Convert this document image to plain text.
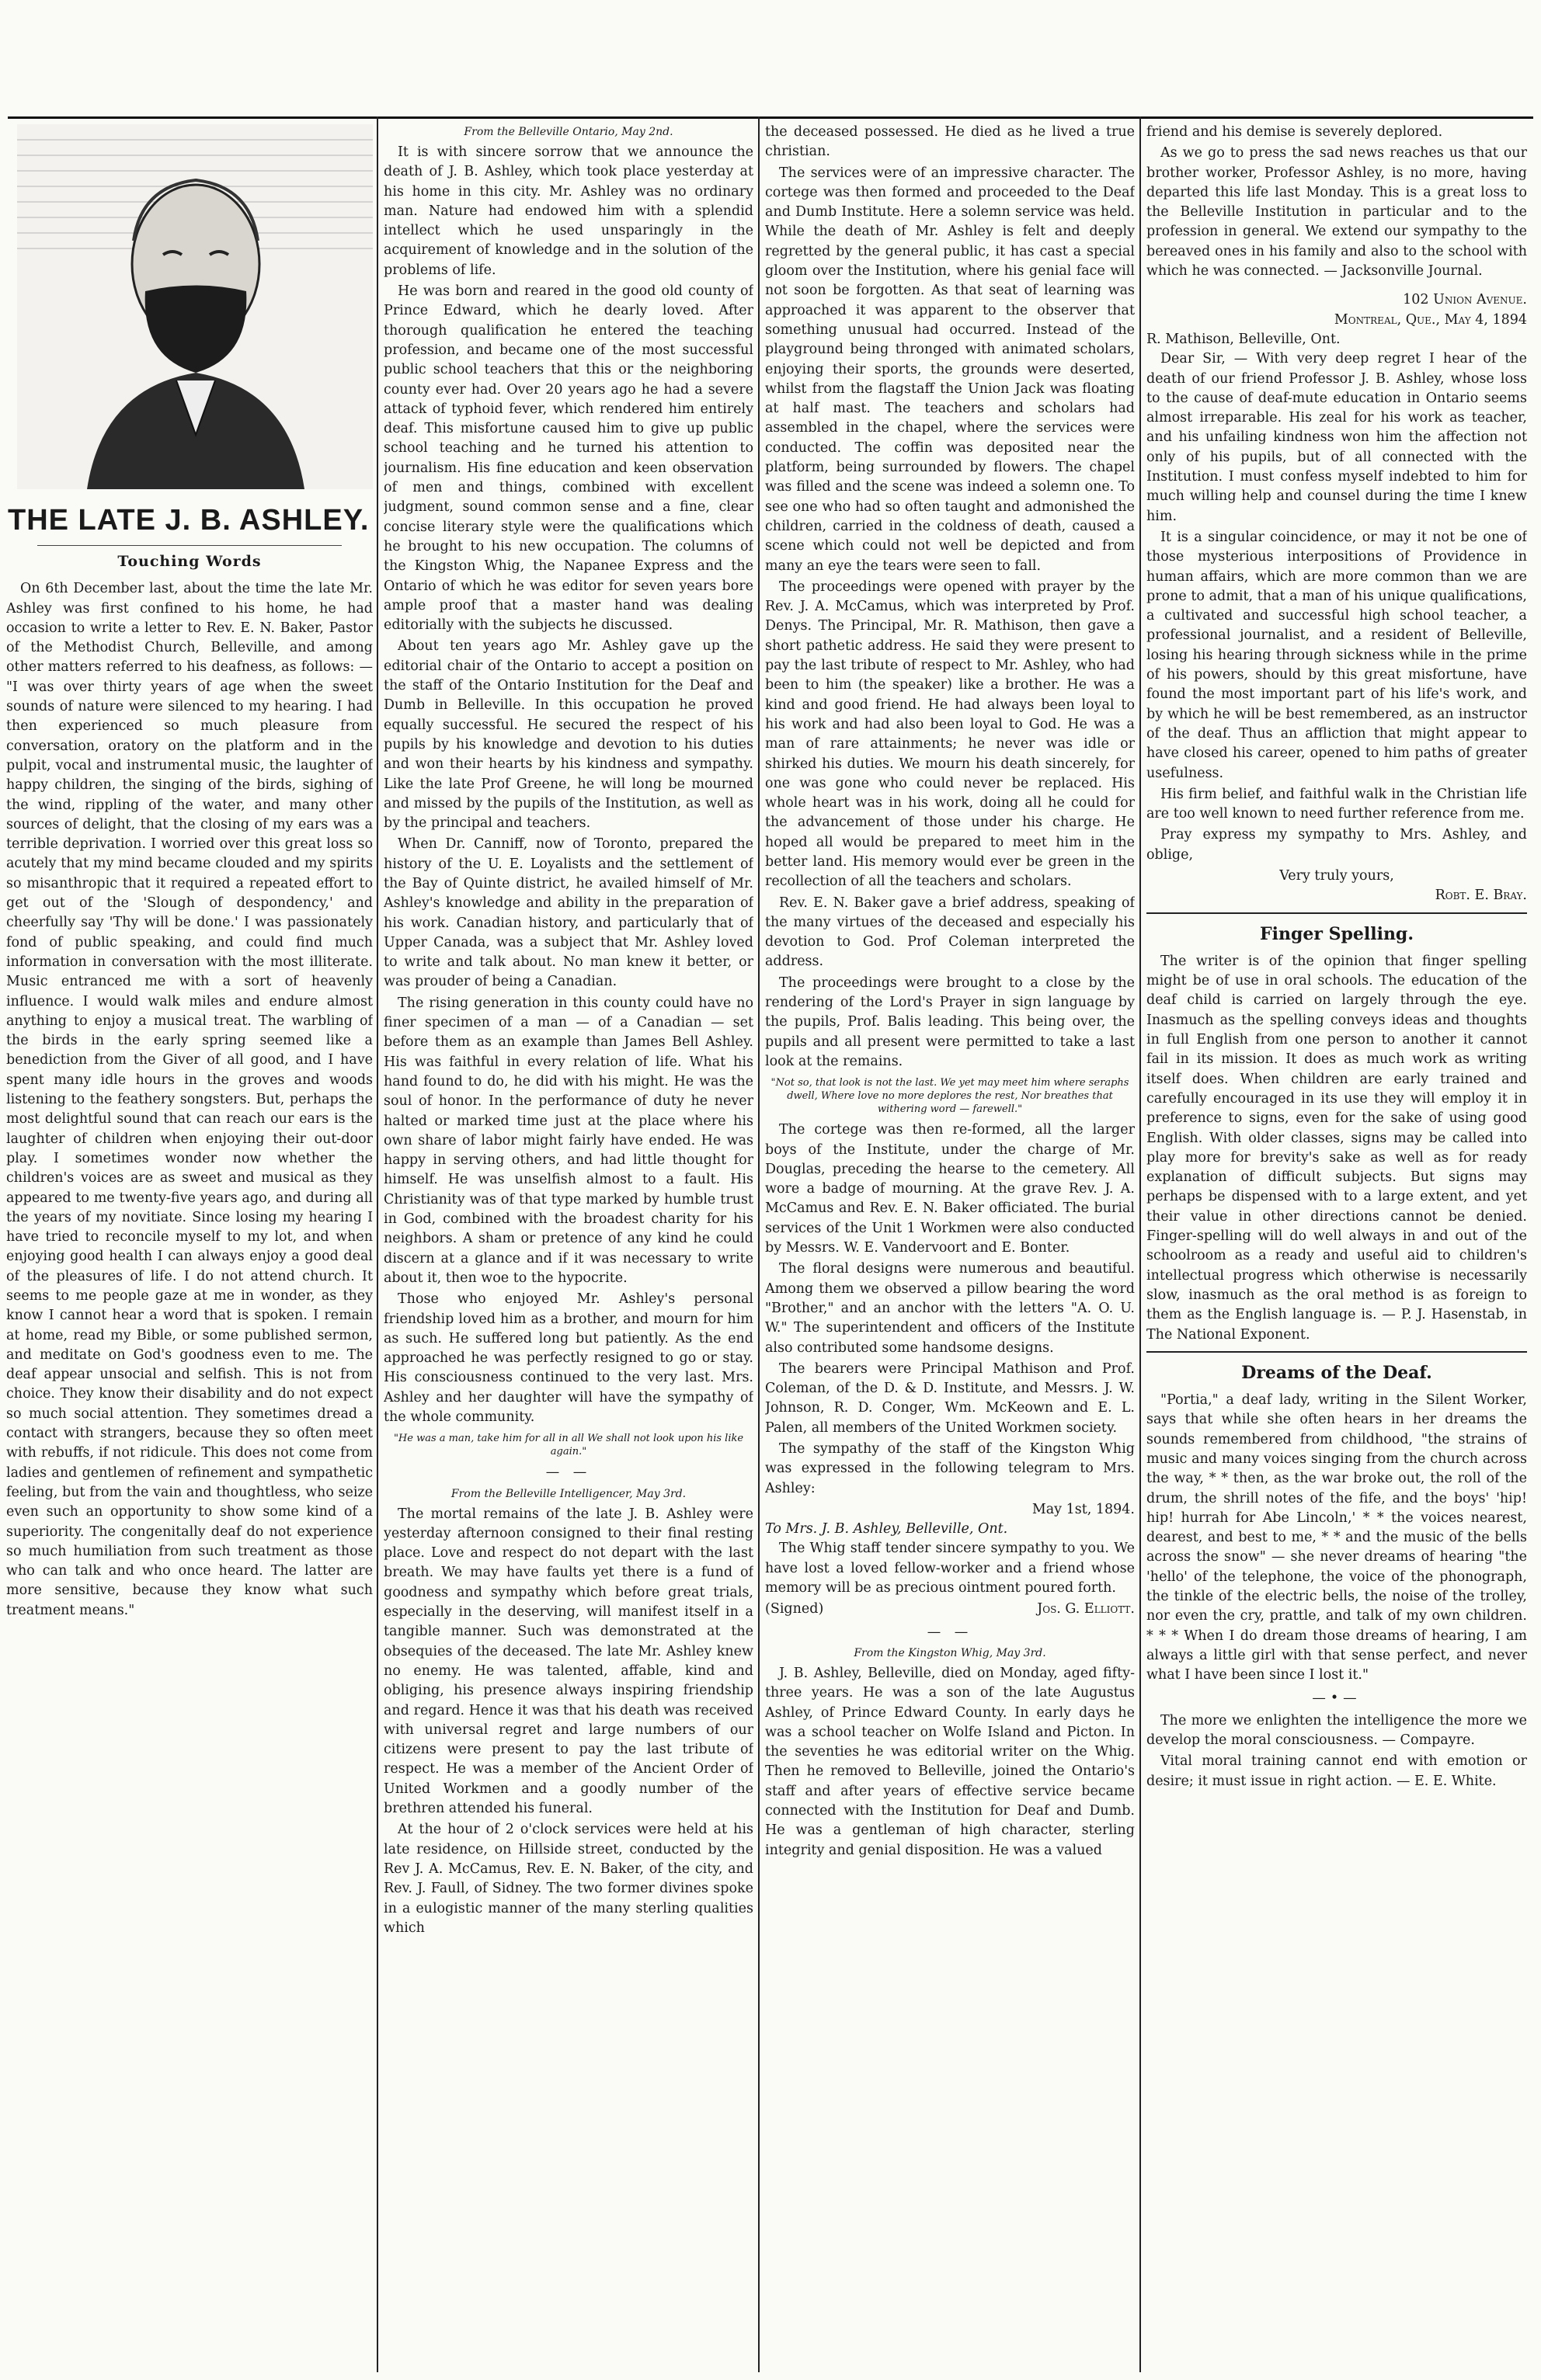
THE LATE J. B. ASHLEY.
Touching Words

On 6th December last, about the time the late Mr. Ashley was first confined to his home, he had occasion to write a letter to Rev. E. N. Baker, Pastor of the Methodist Church, Belleville, and among other matters referred to his deafness, as follows: — "I was over thirty years of age when the sweet sounds of nature were silenced to my hearing. I had then experienced so much pleasure from conversation, oratory on the platform and in the pulpit, vocal and instrumental music, the laughter of happy children, the singing of the birds, sighing of the wind, rippling of the water, and many other sources of delight, that the closing of my ears was a terrible deprivation. I worried over this great loss so acutely that my mind became clouded and my spirits so misanthropic that it required a repeated effort to get out of the 'Slough of despondency,' and cheerfully say 'Thy will be done.' I was passionately fond of public speaking, and could find much information in conversation with the most illiterate. Music entranced me with a sort of heavenly influence. I would walk miles and endure almost anything to enjoy a musical treat. The warbling of the birds in the early spring seemed like a benediction from the Giver of all good, and I have spent many idle hours in the groves and woods listening to the feathery songsters. But, perhaps the most delightful sound that can reach our ears is the laughter of children when enjoying their out-door play. I sometimes wonder now whether the children's voices are as sweet and musical as they appeared to me twenty-five years ago, and during all the years of my novitiate. Since losing my hearing I have tried to reconcile myself to my lot, and when enjoying good health I can always enjoy a good deal of the pleasures of life. I do not attend church. It seems to me people gaze at me in wonder, as they know I cannot hear a word that is spoken. I remain at home, read my Bible, or some published sermon, and meditate on God's goodness even to me. The deaf appear unsocial and selfish. This is not from choice. They know their disability and do not expect so much social attention. They sometimes dread a contact with strangers, because they so often meet with rebuffs, if not ridicule. This does not come from ladies and gentlemen of refinement and sympathetic feeling, but from the vain and thoughtless, who seize even such an opportunity to show some kind of a superiority. The congenitally deaf do not experience so much humiliation from such treatment as those who can talk and who once heard. The latter are more sensitive, because they know what such treatment means."

From the Belleville Ontario, May 2nd.

It is with sincere sorrow that we announce the death of J. B. Ashley, which took place yesterday at his home in this city. Mr. Ashley was no ordinary man. Nature had endowed him with a splendid intellect which he used unsparingly in the acquirement of knowledge and in the solution of the problems of life.

He was born and reared in the good old county of Prince Edward, which he dearly loved. After thorough qualification he entered the teaching profession, and became one of the most successful public school teachers that this or the neighboring county ever had. Over 20 years ago he had a severe attack of typhoid fever, which rendered him entirely deaf. This misfortune caused him to give up public school teaching and he turned his attention to journalism. His fine education and keen observation of men and things, combined with excellent judgment, sound common sense and a fine, clear concise literary style were the qualifications which he brought to his new occupation. The columns of the Kingston Whig, the Napanee Express and the Ontario of which he was editor for seven years bore ample proof that a master hand was dealing editorially with the subjects he discussed.

About ten years ago Mr. Ashley gave up the editorial chair of the Ontario to accept a position on the staff of the Ontario Institution for the Deaf and Dumb in Belleville. In this occupation he proved equally successful. He secured the respect of his pupils by his knowledge and devotion to his duties and won their hearts by his kindness and sympathy. Like the late Prof Greene, he will long be mourned and missed by the pupils of the Institution, as well as by the principal and teachers.

When Dr. Canniff, now of Toronto, prepared the history of the U. E. Loyalists and the settlement of the Bay of Quinte district, he availed himself of Mr. Ashley's knowledge and ability in the preparation of his work. Canadian history, and particularly that of Upper Canada, was a subject that Mr. Ashley loved to write and talk about. No man knew it better, or was prouder of being a Canadian.

The rising generation in this county could have no finer specimen of a man — of a Canadian — set before them as an example than James Bell Ashley. His was faithful in every relation of life. What his hand found to do, he did with his might. He was the soul of honor. In the performance of duty he never halted or marked time just at the place where his own share of labor might fairly have ended. He was happy in serving others, and had little thought for himself. He was unselfish almost to a fault. His Christianity was of that type marked by humble trust in God, combined with the broadest charity for his neighbors. A sham or pretence of any kind he could discern at a glance and if it was necessary to write about it, then woe to the hypocrite.

Those who enjoyed Mr. Ashley's personal friendship loved him as a brother, and mourn for him as such. He suffered long but patiently. As the end approached he was perfectly resigned to go or stay. His consciousness continued to the very last. Mrs. Ashley and her daughter will have the sympathy of the whole community.

"He was a man, take him for all in all We shall not look upon his like again."
— —
From the Belleville Intelligencer, May 3rd.

The mortal remains of the late J. B. Ashley were yesterday afternoon consigned to their final resting place. Love and respect do not depart with the last breath. We may have faults yet there is a fund of goodness and sympathy which before great trials, especially in the deserving, will manifest itself in a tangible manner. Such was demonstrated at the obsequies of the deceased. The late Mr. Ashley knew no enemy. He was talented, affable, kind and obliging, his presence always inspiring friendship and regard. Hence it was that his death was received with universal regret and large numbers of our citizens were present to pay the last tribute of respect. He was a member of the Ancient Order of United Workmen and a goodly number of the brethren attended his funeral.

At the hour of 2 o'clock services were held at his late residence, on Hillside street, conducted by the Rev J. A. McCamus, Rev. E. N. Baker, of the city, and Rev. J. Faull, of Sidney. The two former divines spoke in a eulogistic manner of the many sterling qualities which

the deceased possessed. He died as he lived a true christian.

The services were of an impressive character. The cortege was then formed and proceeded to the Deaf and Dumb Institute. Here a solemn service was held. While the death of Mr. Ashley is felt and deeply regretted by the general public, it has cast a special gloom over the Institution, where his genial face will not soon be forgotten. As that seat of learning was approached it was apparent to the observer that something unusual had occurred. Instead of the playground being thronged with animated scholars, enjoying their sports, the grounds were deserted, whilst from the flagstaff the Union Jack was floating at half mast. The teachers and scholars had assembled in the chapel, where the services were conducted. The coffin was deposited near the platform, being surrounded by flowers. The chapel was filled and the scene was indeed a solemn one. To see one who had so often taught and admonished the children, carried in the coldness of death, caused a scene which could not well be depicted and from many an eye the tears were seen to fall.

The proceedings were opened with prayer by the Rev. J. A. McCamus, which was interpreted by Prof. Denys. The Principal, Mr. R. Mathison, then gave a short pathetic address. He said they were present to pay the last tribute of respect to Mr. Ashley, who had been to him (the speaker) like a brother. He was a kind and good friend. He had always been loyal to his work and had also been loyal to God. He was a man of rare attainments; he never was idle or shirked his duties. We mourn his death sincerely, for one was gone who could never be replaced. His whole heart was in his work, doing all he could for the advancement of those under his charge. He hoped all would be prepared to meet him in the better land. His memory would ever be green in the recollection of all the teachers and scholars.

Rev. E. N. Baker gave a brief address, speaking of the many virtues of the deceased and especially his devotion to God. Prof Coleman interpreted the address.

The proceedings were brought to a close by the rendering of the Lord's Prayer in sign language by the pupils, Prof. Balis leading. This being over, the pupils and all present were permitted to take a last look at the remains.

"Not so, that look is not the last. We yet may meet him where seraphs dwell, Where love no more deplores the rest, Nor breathes that withering word — farewell."

The cortege was then re-formed, all the larger boys of the Institute, under the charge of Mr. Douglas, preceding the hearse to the cemetery. All wore a badge of mourning. At the grave Rev. J. A. McCamus and Rev. E. N. Baker officiated. The burial services of the Unit 1 Workmen were also conducted by Messrs. W. E. Vandervoort and E. Bonter.

The floral designs were numerous and beautiful. Among them we observed a pillow bearing the word "Brother," and an anchor with the letters "A. O. U. W." The superintendent and officers of the Institute also contributed some handsome designs.

The bearers were Principal Mathison and Prof. Coleman, of the D. & D. Institute, and Messrs. J. W. Johnson, R. D. Conger, Wm. McKeown and E. L. Palen, all members of the United Workmen society.

The sympathy of the staff of the Kingston Whig was expressed in the following telegram to Mrs. Ashley:

May 1st, 1894.
To Mrs. J. B. Ashley, Belleville, Ont.

The Whig staff tender sincere sympathy to you. We have lost a loved fellow-worker and a friend whose memory will be as precious ointment poured forth.

(Signed)	Jos. G. Elliott.
— —
From the Kingston Whig, May 3rd.

J. B. Ashley, Belleville, died on Monday, aged fifty-three years. He was a son of the late Augustus Ashley, of Prince Edward County. In early days he was a school teacher on Wolfe Island and Picton. In the seventies he was editorial writer on the Whig. Then he removed to Belleville, joined the Ontario's staff and after years of effective service became connected with the Institution for Deaf and Dumb. He was a gentleman of high character, sterling integrity and genial disposition. He was a valued

friend and his demise is severely deplored.

As we go to press the sad news reaches us that our brother worker, Professor Ashley, is no more, having departed this life last Monday. This is a great loss to the Belleville Institution in particular and to the profession in general. We extend our sympathy to the bereaved ones in his family and also to the school with which he was connected. — Jacksonville Journal.

102 Union Avenue.
Montreal, Que., May 4, 1894
R. Mathison, Belleville, Ont.

Dear Sir, — With very deep regret I hear of the death of our friend Professor J. B. Ashley, whose loss to the cause of deaf-mute education in Ontario seems almost irreparable. His zeal for his work as teacher, and his unfailing kindness won him the affection not only of his pupils, but of all connected with the Institution. I must confess myself indebted to him for much willing help and counsel during the time I knew him.

It is a singular coincidence, or may it not be one of those mysterious interpositions of Providence in human affairs, which are more common than we are prone to admit, that a man of his unique qualifications, a cultivated and successful high school teacher, a professional journalist, and a resident of Belleville, losing his hearing through sickness while in the prime of his powers, should by this great misfortune, have found the most important part of his life's work, and by which he will be best remembered, as an instructor of the deaf. Thus an affliction that might appear to have closed his career, opened to him paths of greater usefulness.

His firm belief, and faithful walk in the Christian life are too well known to need further reference from me.

Pray express my sympathy to Mrs. Ashley, and oblige,

Very truly yours,
Robt. E. Bray.
Finger Spelling.

The writer is of the opinion that finger spelling might be of use in oral schools. The education of the deaf child is carried on largely through the eye. Inasmuch as the spelling conveys ideas and thoughts in full English from one person to another it cannot fail in its mission. It does as much work as writing itself does. When children are early trained and carefully encouraged in its use they will employ it in preference to signs, even for the sake of using good English. With older classes, signs may be called into play more for brevity's sake as well as for ready explanation of difficult subjects. But signs may perhaps be dispensed with to a large extent, and yet their value in other directions cannot be denied. Finger-spelling will do well always in and out of the schoolroom as a ready and useful aid to children's intellectual progress which otherwise is necessarily slow, inasmuch as the oral method is as foreign to them as the English language is. — P. J. Hasenstab, in The National Exponent.

Dreams of the Deaf.

"Portia," a deaf lady, writing in the Silent Worker, says that while she often hears in her dreams the sounds remembered from childhood, "the strains of music and many voices singing from the church across the way, * * then, as the war broke out, the roll of the drum, the shrill notes of the fife, and the boys' 'hip! hip! hurrah for Abe Lincoln,' * * the voices nearest, dearest, and best to me, * * and the music of the bells across the snow" — she never dreams of hearing "the 'hello' of the telephone, the voice of the phonograph, the tinkle of the electric bells, the noise of the trolley, nor even the cry, prattle, and talk of my own children. * * * When I do dream those dreams of hearing, I am always a little girl with that sense perfect, and never what I have been since I lost it."

—•—

The more we enlighten the intelligence the more we develop the moral consciousness. — Compayre.

Vital moral training cannot end with emotion or desire; it must issue in right action. — E. E. White.
